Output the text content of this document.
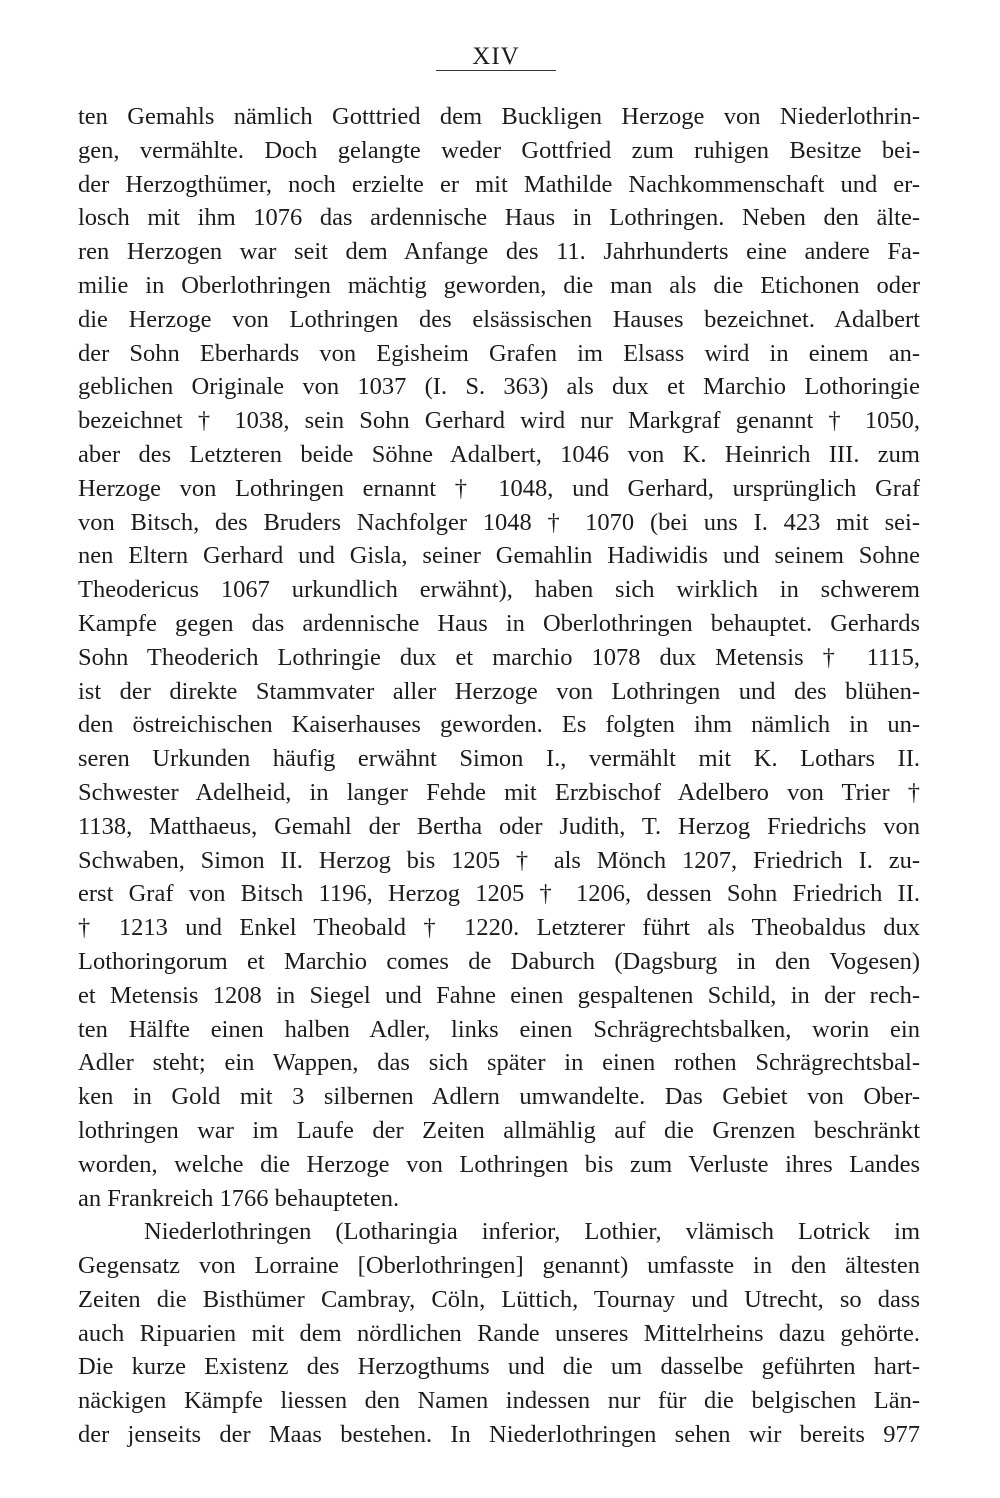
XIV
ten Gemahls nämlich Gotttried dem Buckligen Herzoge von Niederlothrin-
gen, vermählte. Doch gelangte weder Gottfried zum ruhigen Besitze bei-
der Herzogthümer, noch erzielte er mit Mathilde Nachkommenschaft und er-
losch mit ihm 1076 das ardennische Haus in Lothringen. Neben den älte-
ren Herzogen war seit dem Anfange des 11. Jahrhunderts eine andere Fa-
milie in Oberlothringen mächtig geworden, die man als die Etichonen oder
die Herzoge von Lothringen des elsässischen Hauses bezeichnet. Adalbert
der Sohn Eberhards von Egisheim Grafen im Elsass wird in einem an-
geblichen Originale von 1037 (I. S. 363) als dux et Marchio Lothoringie
bezeichnet † 1038, sein Sohn Gerhard wird nur Markgraf genannt † 1050,
aber des Letzteren beide Söhne Adalbert, 1046 von K. Heinrich III. zum
Herzoge von Lothringen ernannt † 1048, und Gerhard, ursprünglich Graf
von Bitsch, des Bruders Nachfolger 1048 † 1070 (bei uns I. 423 mit sei-
nen Eltern Gerhard und Gisla, seiner Gemahlin Hadiwidis und seinem Sohne
Theodericus 1067 urkundlich erwähnt), haben sich wirklich in schwerem
Kampfe gegen das ardennische Haus in Oberlothringen behauptet. Gerhards
Sohn Theoderich Lothringie dux et marchio 1078 dux Metensis † 1115,
ist der direkte Stammvater aller Herzoge von Lothringen und des blühen-
den östreichischen Kaiserhauses geworden. Es folgten ihm nämlich in un-
seren Urkunden häufig erwähnt Simon I., vermählt mit K. Lothars II.
Schwester Adelheid, in langer Fehde mit Erzbischof Adelbero von Trier †
1138, Matthaeus, Gemahl der Bertha oder Judith, T. Herzog Friedrichs von
Schwaben, Simon II. Herzog bis 1205 † als Mönch 1207, Friedrich I. zu-
erst Graf von Bitsch 1196, Herzog 1205 † 1206, dessen Sohn Friedrich II.
† 1213 und Enkel Theobald † 1220. Letzterer führt als Theobaldus dux
Lothoringorum et Marchio comes de Daburch (Dagsburg in den Vogesen)
et Metensis 1208 in Siegel und Fahne einen gespaltenen Schild, in der rech-
ten Hälfte einen halben Adler, links einen Schrägrechtsbalken, worin ein
Adler steht; ein Wappen, das sich später in einen rothen Schrägrechtsbal-
ken in Gold mit 3 silbernen Adlern umwandelte. Das Gebiet von Ober-
lothringen war im Laufe der Zeiten allmählig auf die Grenzen beschränkt
worden, welche die Herzoge von Lothringen bis zum Verluste ihres Landes
an Frankreich 1766 behaupteten.
Niederlothringen (Lotharingia inferior, Lothier, vlämisch Lotrick im
Gegensatz von Lorraine [Oberlothringen] genannt) umfasste in den ältesten
Zeiten die Bisthümer Cambray, Cöln, Lüttich, Tournay und Utrecht, so dass
auch Ripuarien mit dem nördlichen Rande unseres Mittelrheins dazu gehörte.
Die kurze Existenz des Herzogthums und die um dasselbe geführten hart-
näckigen Kämpfe liessen den Namen indessen nur für die belgischen Län-
der jenseits der Maas bestehen. In Niederlothringen sehen wir bereits 977
